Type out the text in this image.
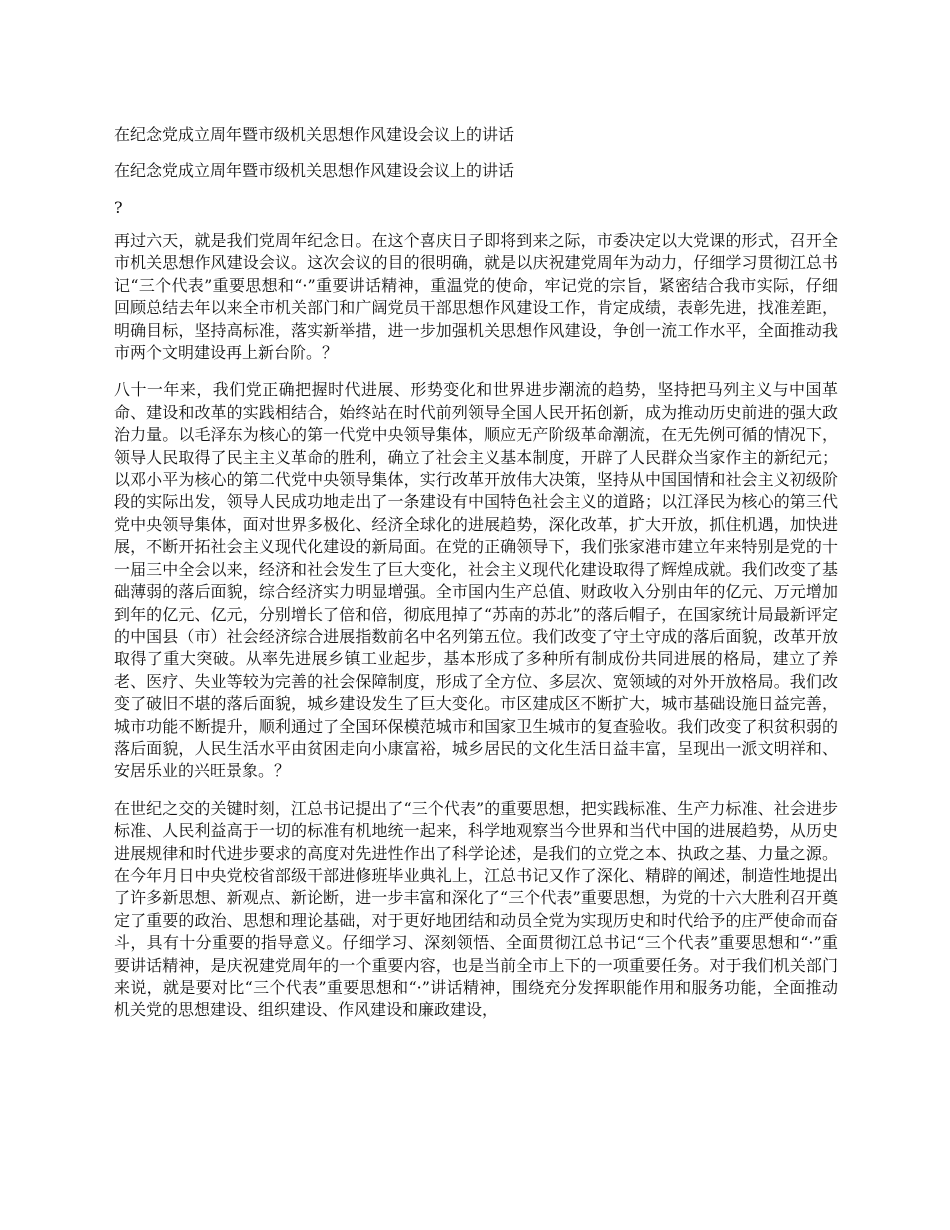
在纪念党成立周年暨市级机关思想作风建设会议上的讲话
在纪念党成立周年暨市级机关思想作风建设会议上的讲话
?

再过六天，就是我们党周年纪念日。在这个喜庆日子即将到来之际，市委决定以大党课的形式，召开全市机关思想作风建设会议。这次会议的目的很明确，就是以庆祝建党周年为动力，仔细学习贯彻江总书记“三个代表”重要思想和“·”重要讲话精神，重温党的使命，牢记党的宗旨，紧密结合我市实际，仔细回顾总结去年以来全市机关部门和广阔党员干部思想作风建设工作，肯定成绩，表彰先进，找准差距，明确目标，坚持高标准，落实新举措，进一步加强机关思想作风建设，争创一流工作水平，全面推动我市两个文明建设再上新台阶。？

八十一年来，我们党正确把握时代进展、形势变化和世界进步潮流的趋势，坚持把马列主义与中国革命、建设和改革的实践相结合，始终站在时代前列领导全国人民开拓创新，成为推动历史前进的强大政治力量。以毛泽东为核心的第一代党中央领导集体，顺应无产阶级革命潮流，在无先例可循的情况下，领导人民取得了民主主义革命的胜利，确立了社会主义基本制度，开辟了人民群众当家作主的新纪元；以邓小平为核心的第二代党中央领导集体，实行改革开放伟大决策，坚持从中国国情和社会主义初级阶段的实际出发，领导人民成功地走出了一条建设有中国特色社会主义的道路；以江泽民为核心的第三代党中央领导集体，面对世界多极化、经济全球化的进展趋势，深化改革，扩大开放，抓住机遇，加快进展，不断开拓社会主义现代化建设的新局面。在党的正确领导下，我们张家港市建立年来特别是党的十一届三中全会以来，经济和社会发生了巨大变化，社会主义现代化建设取得了辉煌成就。我们改变了基础薄弱的落后面貌，综合经济实力明显增强。全市国内生产总值、财政收入分别由年的亿元、万元增加到年的亿元、亿元，分别增长了倍和倍，彻底甩掉了“苏南的苏北”的落后帽子，在国家统计局最新评定的中国县（市）社会经济综合进展指数前名中名列第五位。我们改变了守土守成的落后面貌，改革开放取得了重大突破。从率先进展乡镇工业起步，基本形成了多种所有制成份共同进展的格局，建立了养老、医疗、失业等较为完善的社会保障制度，形成了全方位、多层次、宽领域的对外开放格局。我们改变了破旧不堪的落后面貌，城乡建设发生了巨大变化。市区建成区不断扩大，城市基础设施日益完善，城市功能不断提升，顺利通过了全国环保模范城市和国家卫生城市的复查验收。我们改变了积贫积弱的落后面貌，人民生活水平由贫困走向小康富裕，城乡居民的文化生活日益丰富，呈现出一派文明祥和、安居乐业的兴旺景象。？

在世纪之交的关键时刻，江总书记提出了“三个代表”的重要思想，把实践标准、生产力标准、社会进步标准、人民利益高于一切的标准有机地统一起来，科学地观察当今世界和当代中国的进展趋势，从历史进展规律和时代进步要求的高度对先进性作出了科学论述，是我们的立党之本、执政之基、力量之源。在今年月日中央党校省部级干部进修班毕业典礼上，江总书记又作了深化、精辟的阐述，制造性地提出了许多新思想、新观点、新论断，进一步丰富和深化了“三个代表”重要思想，为党的十六大胜利召开奠定了重要的政治、思想和理论基础，对于更好地团结和动员全党为实现历史和时代给予的庄严使命而奋斗，具有十分重要的指导意义。仔细学习、深刻领悟、全面贯彻江总书记“三个代表”重要思想和“·”重要讲话精神，是庆祝建党周年的一个重要内容，也是当前全市上下的一项重要任务。对于我们机关部门来说，就是要对比“三个代表”重要思想和“·”讲话精神，围绕充分发挥职能作用和服务功能，全面推动机关党的思想建设、组织建设、作风建设和廉政建设，
